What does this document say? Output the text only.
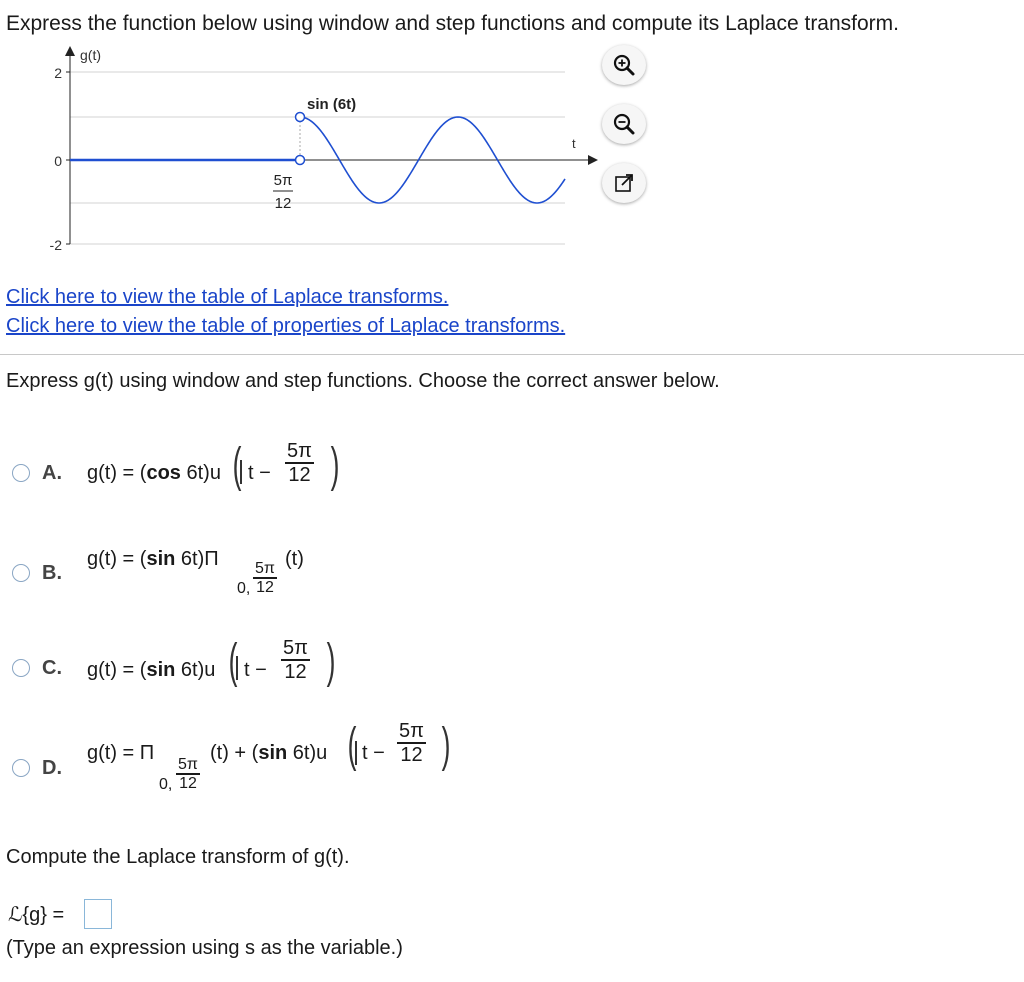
Express the function below using window and step functions and compute its Laplace transform.
2
0
-2
g(t)
t
sin (6t)
5π
12
Click here to view the table of Laplace transforms.
Click here to view the table of properties of Laplace transforms.
Express g(t) using window and step functions. Choose the correct answer below.
A. g(t) = (cos 6t)u t −
5π
12
( )
B.
g(t) = (sin 6t)Π
0,
5π
12
(t)
C. g(t) = (sin 6t)u t −
5π
12
( )
D.
g(t) = Π
0,
5π
12
(t) + (sin 6t)u t −
5π
12
( )
Compute the Laplace transform of g(t).
ℒ{g} =
(Type an expression using s as the variable.)
